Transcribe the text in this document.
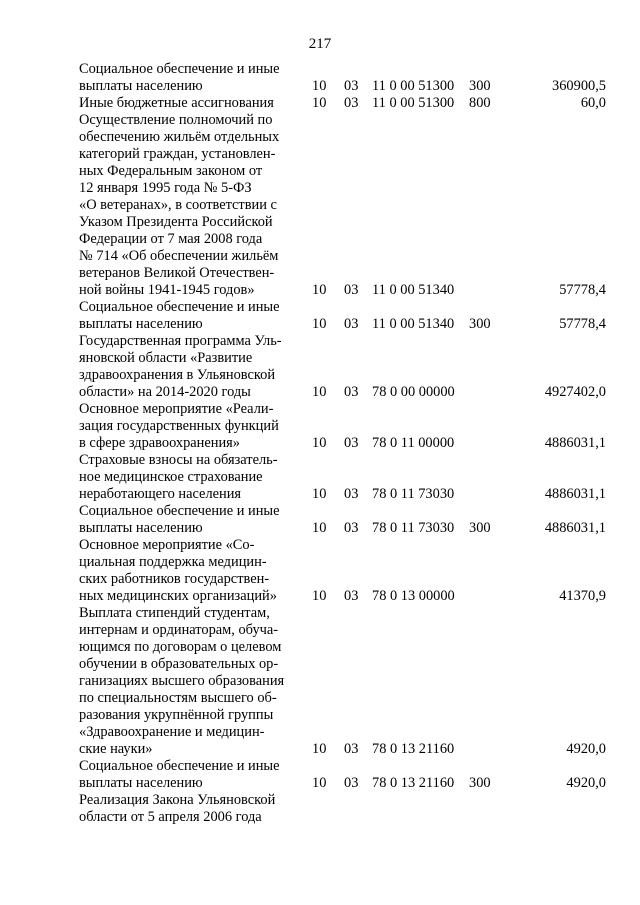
217
Социальное обеспечение и иные
выплаты населению	10 03 11 0 00 51300 300	360900,5
Иные бюджетные ассигнования	10 03 11 0 00 51300 800	60,0
Осуществление полномочий по
обеспечению жильём отдельных
категорий граждан, установлен-
ных Федеральным законом от
12 января 1995 года № 5-ФЗ
«О ветеранах», в соответствии с
Указом Президента Российской
Федерации от 7 мая 2008 года
№ 714 «Об обеспечении жильём
ветеранов Великой Отечествен-
ной войны 1941-1945 годов»	10 03 11 0 00 51340	57778,4
Социальное обеспечение и иные
выплаты населению	10 03 11 0 00 51340 300	57778,4
Государственная программа Уль-
яновской области «Развитие
здравоохранения в Ульяновской
области» на 2014-2020 годы	10 03 78 0 00 00000	4927402,0
Основное мероприятие «Реали-
зация государственных функций
в сфере здравоохранения»	10 03 78 0 11 00000	4886031,1
Страховые взносы на обязатель-
ное медицинское страхование
неработающего населения	10 03 78 0 11 73030	4886031,1
Социальное обеспечение и иные
выплаты населению	10 03 78 0 11 73030 300	4886031,1
Основное мероприятие «Со-
циальная поддержка медицин-
ских работников государствен-
ных медицинских организаций»	10 03 78 0 13 00000	41370,9
Выплата стипендий студентам,
интернам и ординаторам, обуча-
ющимся по договорам о целевом
обучении в образовательных ор-
ганизациях высшего образования
по специальностям высшего об-
разования укрупнённой группы
«Здравоохранение и медицин-
ские науки»	10 03 78 0 13 21160	4920,0
Социальное обеспечение и иные
выплаты населению	10 03 78 0 13 21160 300	4920,0
Реализация Закона Ульяновской
области от 5 апреля 2006 года
